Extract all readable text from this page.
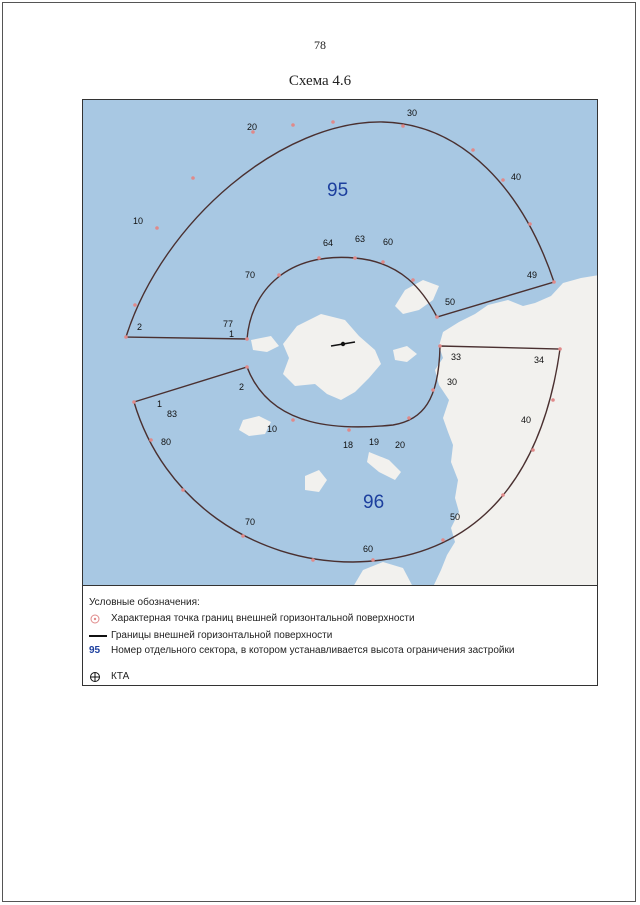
78
Схема 4.6
95
96
2
10
20
30
40
49
50
60
63
64
70
77
1
1
2
10
18 19 20
30
33	34
40
50
60
70
80
83
Условные обозначения:
Характерная точка границ внешней горизонтальной поверхности
Границы внешней горизонтальной поверхности
95 Номер отдельного сектора, в котором устанавливается высота ограничения застройки
КТА
